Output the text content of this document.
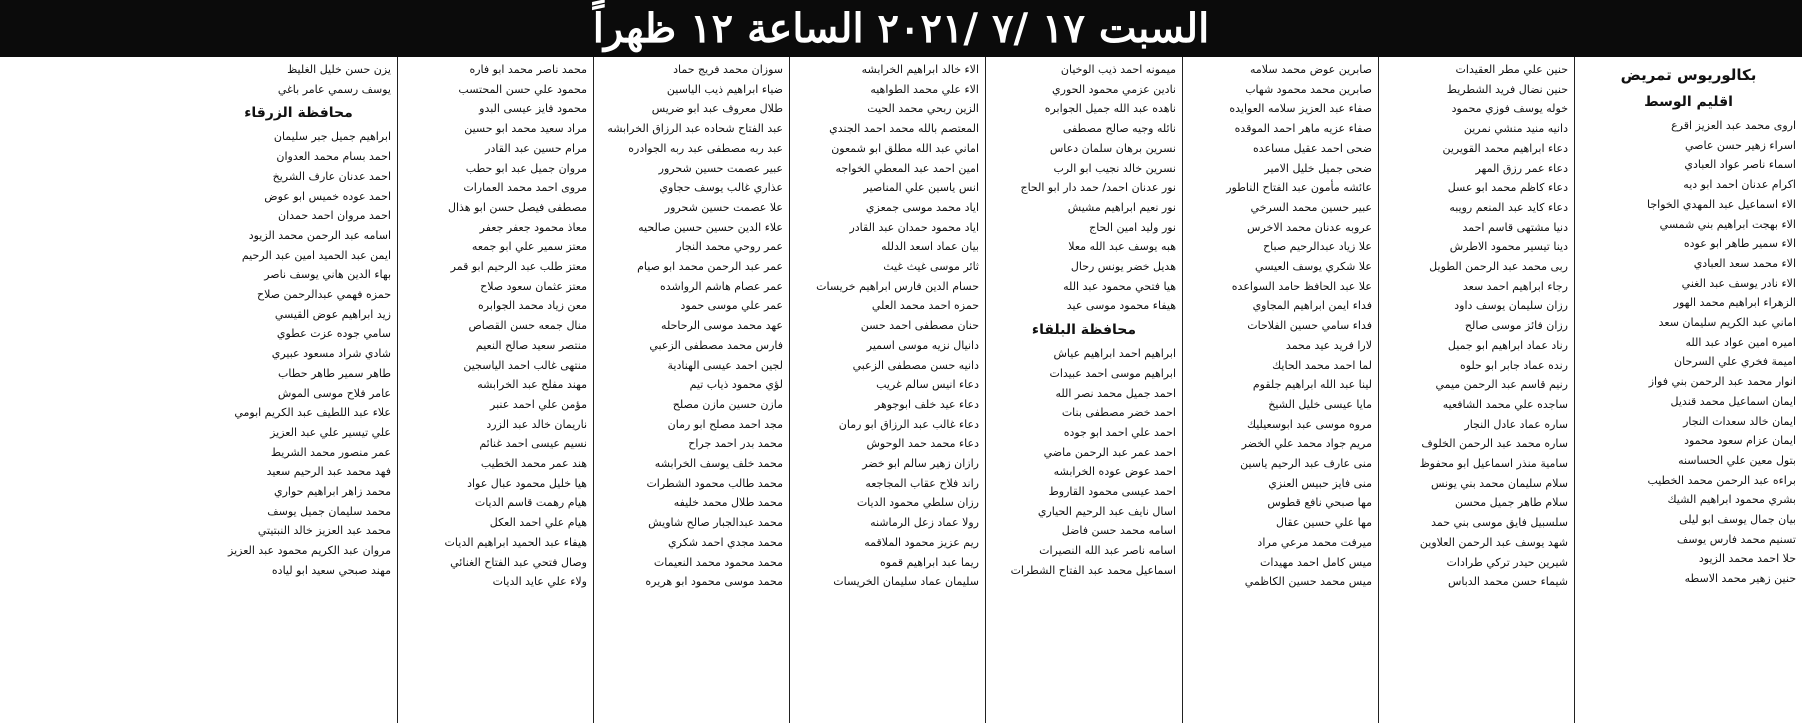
السبت ١٧ /٧ /٢٠٢١ الساعة ١٢ ظهراً
بكالوريوس تمريض
اقليم الوسط
اروى محمد عبد العزيز اقرع
اسراء زهير حسن عاصي
اسماء ناصر عواد العبادي
اكرام عدنان احمد ابو ديه
الاء اسماعيل عبد المهدي الخواجا
الاء بهجت ابراهيم بني شمسي
الاء سمير طاهر ابو عوده
الاء محمد سعد العبادي
الاء نادر يوسف عبد الغني
الزهراء ابراهيم محمد الهور
اماني عبد الكريم سليمان سعد
اميره امين عواد عبد الله
اميمة فخري علي السرحان
انوار محمد عبد الرحمن بني فواز
ايمان اسماعيل محمد قنديل
ايمان خالد سعدات النجار
ايمان عزام سعود محمود
بتول معين علي الحساسنه
براءه عبد الرحمن محمد الخطيب
بشري محمود ابراهيم الشيك
بيان جمال يوسف ابو ليلى
تسنيم محمد فارس يوسف
حلا احمد محمد الزيود
حنين زهير محمد الاسطه
حنين علي مطر العقيدات
حنين نضال فريد الشطريط
خوله يوسف فوزي محمود
دانيه منيد منشي نمرين
دعاء ابراهيم محمد القويرين
دعاء عمر رزق المهر
دعاء كاظم محمد ابو عسل
دعاء كايد عبد المنعم رويبه
دنيا مشتهى قاسم احمد
دينا تيسير محمود الاطرش
ربى محمد عبد الرحمن الطويل
رجاء ابراهيم احمد سعد
رزان سليمان يوسف داود
رزان فائز موسى صالح
رناد عماد ابراهيم ابو جميل
رنده عماد جابر ابو حلوه
رنيم قاسم عبد الرحمن ميمي
ساجده علي محمد الشافعيه
ساره عماد عادل النجار
ساره محمد عبد الرحمن الخلوف
سامية منذر اسماعيل ابو محفوظ
سلام سليمان محمد بني يونس
سلام طاهر جميل محسن
سلسبيل فايق موسى بني حمد
شهد يوسف عبد الرحمن العلاوين
شيرين حيدر تركي طرادات
شيماء حسن محمد الدباس
صابرين عوض محمد سلامه
صابرين محمد محمود شهاب
صفاء عبد العزيز سلامه العوايده
صفاء عزيه ماهر احمد الموقده
ضحى احمد عقيل مساعده
ضحى جميل خليل الامير
عائشه مأمون عبد الفتاح الناطور
عبير حسين محمد السرخي
عروبه عدنان محمد الاخرس
علا زياد عبدالرحيم صباح
علا شكري يوسف العيسي
علا عبد الحافظ حامد السواعده
فداء ايمن ابراهيم المجاوي
فداء سامي حسين الفلاحات
لارا فريد عيد محمد
لما احمد محمد الحايك
لينا عبد الله ابراهيم جلقوم
مايا عيسى خليل الشيخ
مروه موسى عبد ابوسعيليك
مريم جواد محمد علي الخضر
منى عارف عبد الرحيم ياسين
منى فايز حبيس العنزي
مها صبحي نافع قطوس
مها علي حسين عقال
ميرفت محمد مرعي مراد
ميس كامل احمد مهيدات
ميس محمد حسين الكاظمي
ميمونه احمد ذيب الوخيان
نادين عزمي محمود الحوري
ناهده عبد الله جميل الجوابره
نائله وجيه صالح مصطفى
نسرين برهان سلمان دعاس
نسرين خالد نجيب ابو الرب
نور عدنان احمد/ حمد دار ابو الحاج
نور نعيم ابراهيم مشيش
نور وليد امين الحاج
هبه يوسف عبد الله معلا
هديل خضر يونس رحال
هيا فتحي محمود عبد الله
هيفاء محمود موسى عيد
محافظة البلقاء
ابراهيم احمد ابراهيم عياش
ابراهيم موسى احمد عبيدات
احمد جميل محمد نصر الله
احمد خضر مصطفى بنات
احمد علي احمد ابو جوده
احمد عمر عبد الرحمن ماضي
احمد عوض عوده الخرابشه
احمد عيسى محمود القاروط
اسال نايف عبد الرحيم الحياري
اسامه محمد حسن فاضل
اسامه ناصر عبد الله النصيرات
اسماعيل محمد عبد الفتاح الشطرات
الاء خالد ابراهيم الخرابشه
الاء علي محمد الطواهيه
الزين ربحي محمد الحيت
المعتصم بالله محمد احمد الجندي
اماني عبد الله مطلق ابو شمعون
امين احمد عبد المعطي الخواجه
انس ياسين علي المناصير
اياد محمد موسى جمعزي
اياد محمود حمدان عبد القادر
بيان عماد اسعد الدلله
ثائر موسى غيث غيث
حسام الدين فارس ابراهيم خريسات
حمزه احمد محمد العلي
حنان مصطفى احمد حسن
دانيال نزيه موسى اسمير
دانيه حسن مصطفى الزعبي
دعاء انيس سالم غريب
دعاء عيد خلف ابوجوهر
دعاء غالب عبد الرزاق ابو رمان
دعاء محمد حمد الوحوش
رازان زهير سالم ابو خضر
راند فلاح عقاب المجاجعه
رزان سلطي محمود الديات
رولا عماد زعل الرماشنه
ريم عزيز محمود الملاقمه
ريما عبد ابراهيم قموه
سليمان عماد سليمان الخريسات
سوزان محمد فريج حماد
ضياء ابراهيم ذيب الياسين
طلال معروف عبد ابو ضريس
عبد الفتاح شحاده عبد الرزاق الخرابشه
عبد ربه مصطفى عبد ربه الجوادره
عبير عصمت حسين شحرور
عذاري غالب يوسف حجاوي
علا عصمت حسين شحرور
علاء الدين حسين حسين صالحيه
عمر روحي محمد النجار
عمر عبد الرحمن محمد ابو صيام
عمر عصام هاشم الرواشده
عمر علي موسى حمود
عهد محمد موسى الرحاحله
فارس محمد مصطفى الزعبي
لجين احمد عيسى الهنادية
لؤي محمود ذياب تيم
مازن حسين مازن مصلح
مجد احمد مصلح ابو رمان
محمد بدر احمد جراح
محمد خلف يوسف الخرابشه
محمد طالب محمود الشطرات
محمد طلال محمد خليفه
محمد عبدالجبار صالح شاويش
محمد مجدي احمد شكري
محمد محمود محمد النعيمات
محمد موسى محمود ابو هريره
محمد ناصر محمد ابو فاره
محمود علي حسن المحتسب
محمود فايز عيسى البدو
مراد سعيد محمد ابو حسين
مرام حسين عبد القادر
مروان جميل عبد ابو حطب
مروى احمد محمد العمارات
مصطفى فيصل حسن ابو هذال
معاذ محمود جعفر جعفر
معتز سمير علي ابو جمعه
معتز طلب عبد الرحيم ابو قمر
معتز عثمان سعود صلاح
معن زياد محمد الجوابره
منال جمعه حسن القصاص
منتصر سعيد صالح النعيم
منتهى غالب احمد الياسجين
مهند مفلح عبد الخرابشه
مؤمن علي احمد عنبر
ناريمان خالد عبد الزرد
نسيم عيسى احمد غنائم
هند عمر محمد الخطيب
هيا خليل محمود عبال عواد
هيام رهمت قاسم الديات
هيام علي احمد العكل
هيفاء عبد الحميد ابراهيم الديات
وصال فتحي عبد الفتاح الغنائي
ولاء علي عايد الديات
يزن حسن خليل الغليظ
يوسف رسمي عامر باغي
محافظة الزرقاء
ابراهيم جميل جبر سليمان
احمد بسام محمد العدوان
احمد عدنان عارف الشريخ
احمد عوده خميس ابو عوض
احمد مروان احمد حمدان
اسامه عبد الرحمن محمد الزيود
ايمن عبد الحميد امين عبد الرحيم
بهاء الدين هاني يوسف ناصر
حمزه فهمي عبدالرحمن صلاح
زيد ابراهيم عوض القيسي
سامي جوده عزت عطوي
شادي شراد مسعود عبيري
طاهر سمير طاهر حطاب
عامر فلاح موسى الموش
علاء عبد اللطيف عبد الكريم ابومي
علي تيسير علي عبد العزيز
عمر منصور محمد الشريط
فهد محمد عبد الرحيم سعيد
محمد زاهر ابراهيم حواري
محمد سليمان جميل يوسف
محمد عبد العزيز خالد النبتيتي
مروان عبد الكريم محمود عبد العزيز
مهند صبحي سعيد ابو لياده
